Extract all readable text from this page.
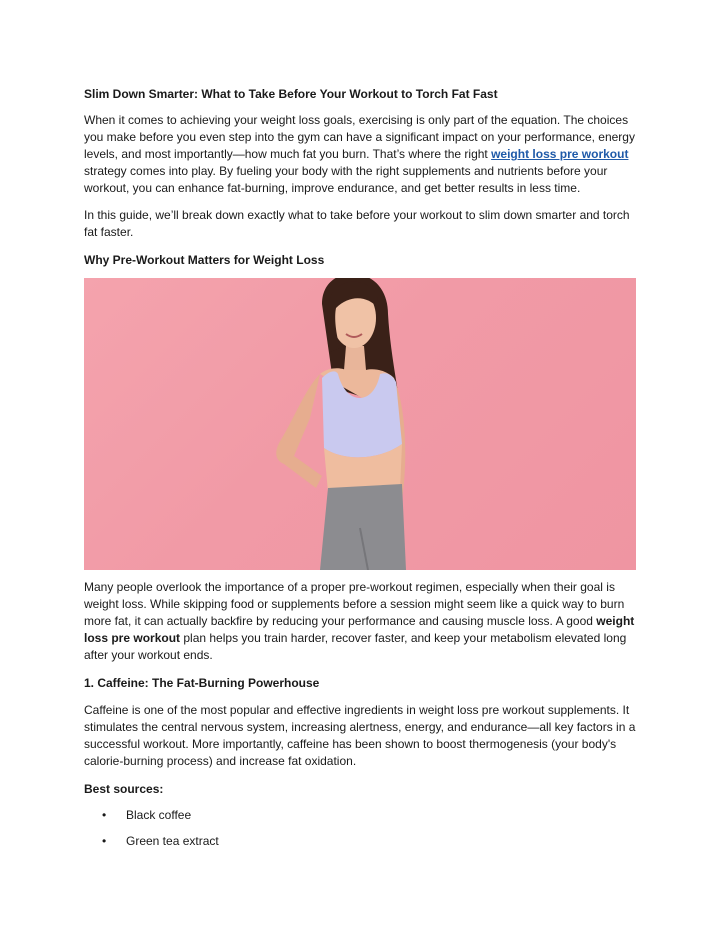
Slim Down Smarter: What to Take Before Your Workout to Torch Fat Fast

When it comes to achieving your weight loss goals, exercising is only part of the equation. The choices you make before you even step into the gym can have a significant impact on your performance, energy levels, and most importantly—how much fat you burn. That’s where the right weight loss pre workout strategy comes into play. By fueling your body with the right supplements and nutrients before your workout, you can enhance fat-burning, improve endurance, and get better results in less time.

In this guide, we’ll break down exactly what to take before your workout to slim down smarter and torch fat faster.

Why Pre-Workout Matters for Weight Loss

Many people overlook the importance of a proper pre-workout regimen, especially when their goal is weight loss. While skipping food or supplements before a session might seem like a quick way to burn more fat, it can actually backfire by reducing your performance and causing muscle loss. A good weight loss pre workout plan helps you train harder, recover faster, and keep your metabolism elevated long after your workout ends.

1. Caffeine: The Fat-Burning Powerhouse

Caffeine is one of the most popular and effective ingredients in weight loss pre workout supplements. It stimulates the central nervous system, increasing alertness, energy, and endurance—all key factors in a successful workout. More importantly, caffeine has been shown to boost thermogenesis (your body's calorie-burning process) and increase fat oxidation.

Best sources:

• Black coffee
• Green tea extract
